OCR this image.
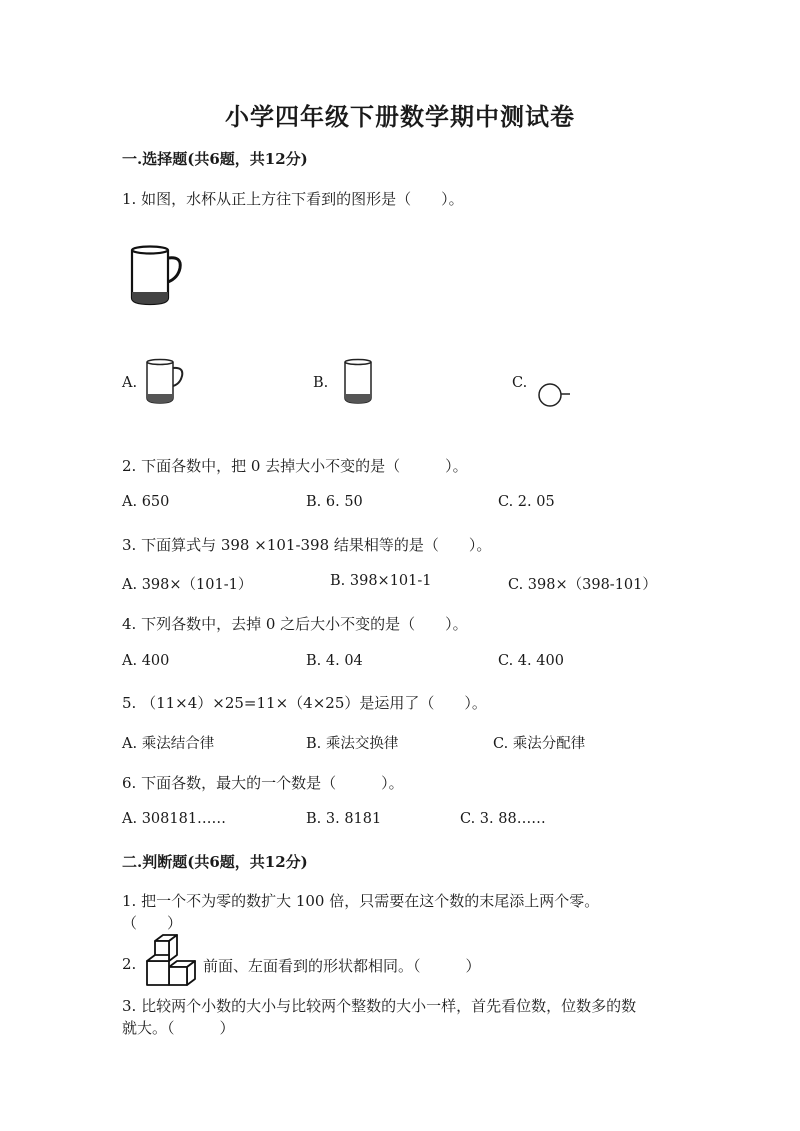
小学四年级下册数学期中测试卷
一.选择题(共6题，共12分)
1. 如图，水杯从正上方往下看到的图形是（　　）。
A.	B.	C.
2. 下面各数中，把 0 去掉大小不变的是（　　　）。
A. 650	B. 6. 50	C. 2. 05
3. 下面算式与 398 ×101-398 结果相等的是（　　）。
A. 398×（101-1）	B. 398×101-1	C. 398×（398-101）
4. 下列各数中，去掉 0 之后大小不变的是（　　）。
A. 400	B. 4. 04	C. 4. 400
5. （11×4）×25=11×（4×25）是运用了（　　）。
A. 乘法结合律	B. 乘法交换律	C. 乘法分配律
6. 下面各数，最大的一个数是（　　　）。
A. 308181……	B. 3. 8181	C. 3. 88……
二.判断题(共6题，共12分)
1. 把一个不为零的数扩大 100 倍，只需要在这个数的末尾添上两个零。
（　　）
2.	前面、左面看到的形状都相同。（　　　）
3. 比较两个小数的大小与比较两个整数的大小一样，首先看位数，位数多的数
就大。（　　　）
